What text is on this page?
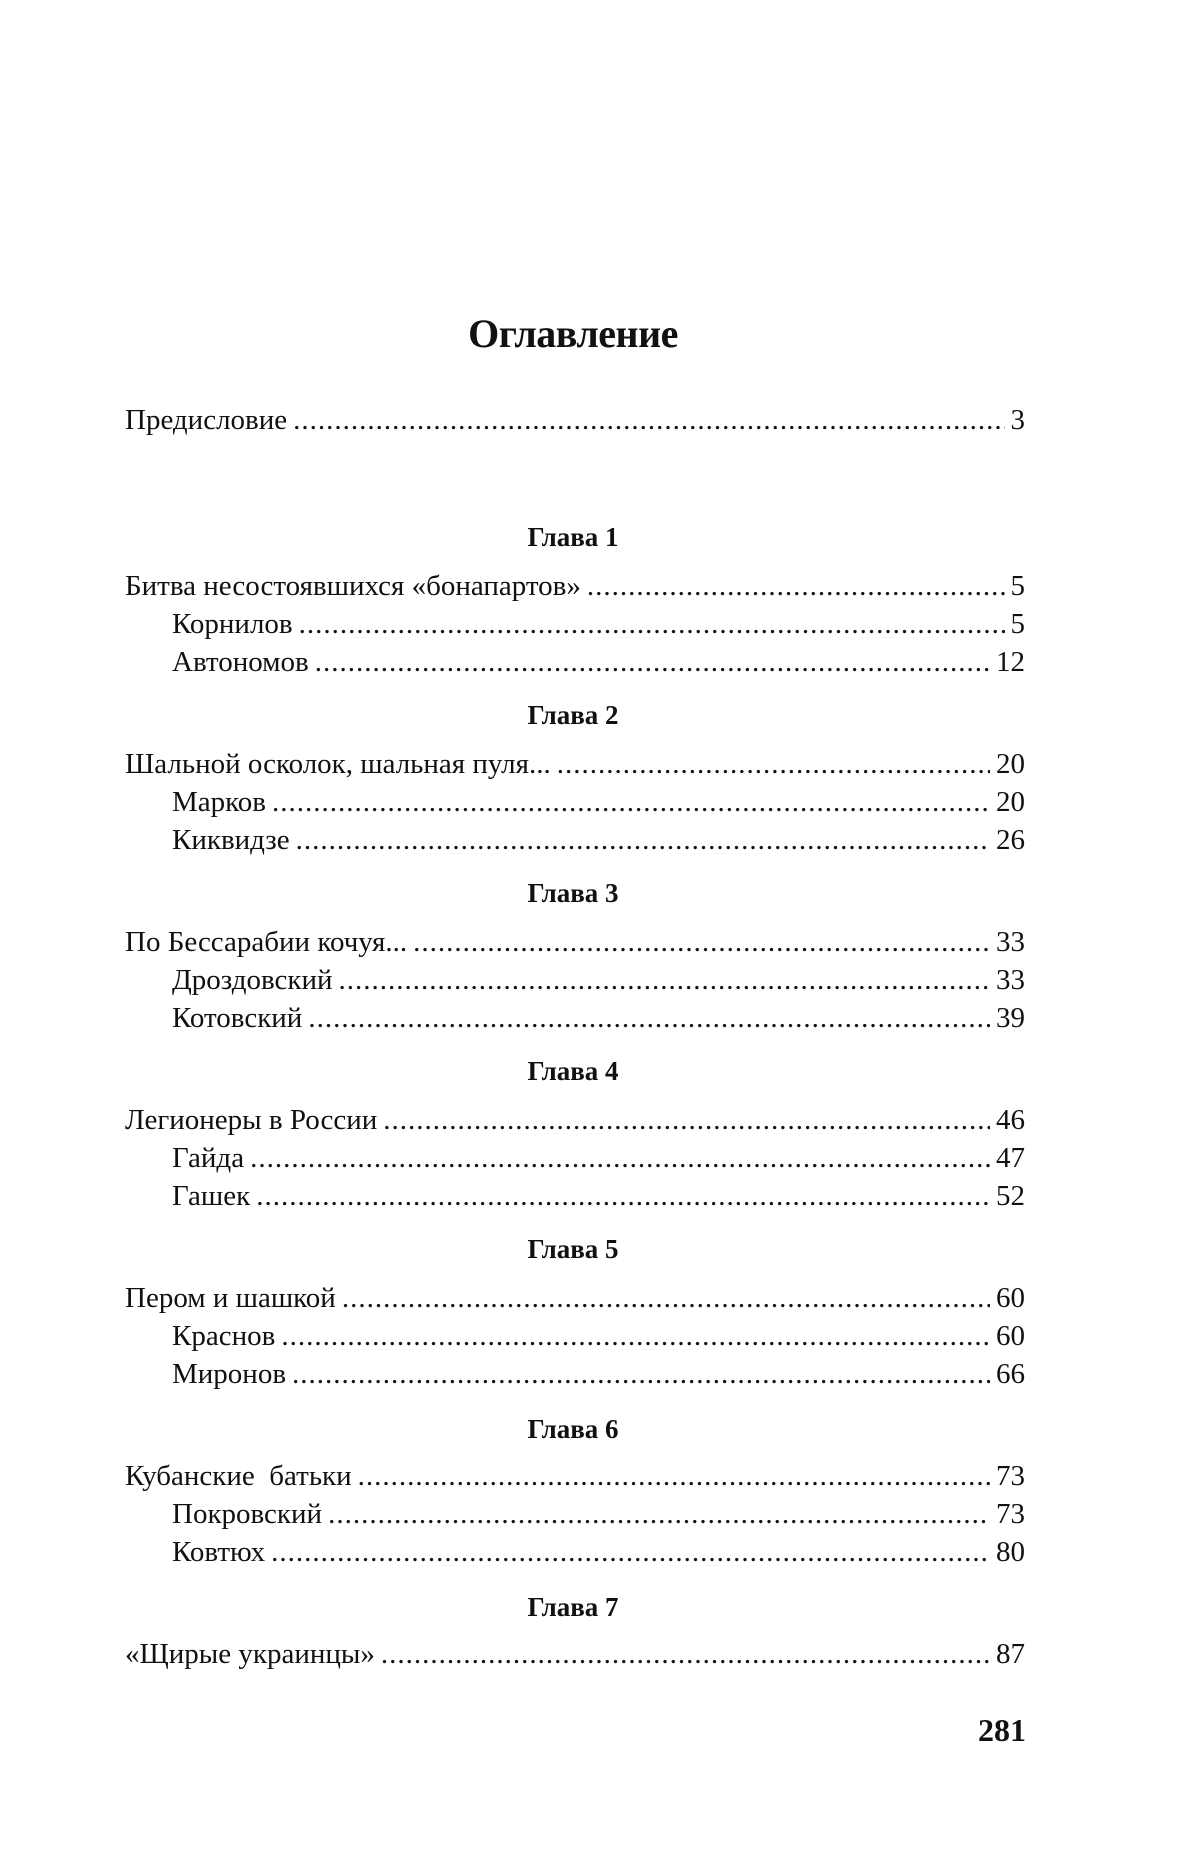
Оглавление
Предисловие
.....	3
Глава 1
Битва несостоявшихся «бонапартов»
.....	5
Корнилов
.....	5
Автономов
.....	12
Глава 2
Шальной осколок, шальная пуля...
.....	20
Марков
.....	20
Киквидзе
.....	26
Глава 3
По Бессарабии кочуя...
.....	33
Дроздовский
.....	33
Котовский
.....	39
Глава 4
Легионеры в России
.....	46
Гайда
.....	47
Гашек
.....	52
Глава 5
Пером и шашкой
.....	60
Краснов
.....	60
Миронов
.....	66
Глава 6
Кубанские  батьки
.....	73
Покровский
.....	73
Ковтюх
.....	80
Глава 7
«Щирые украинцы»
.....	87
281
